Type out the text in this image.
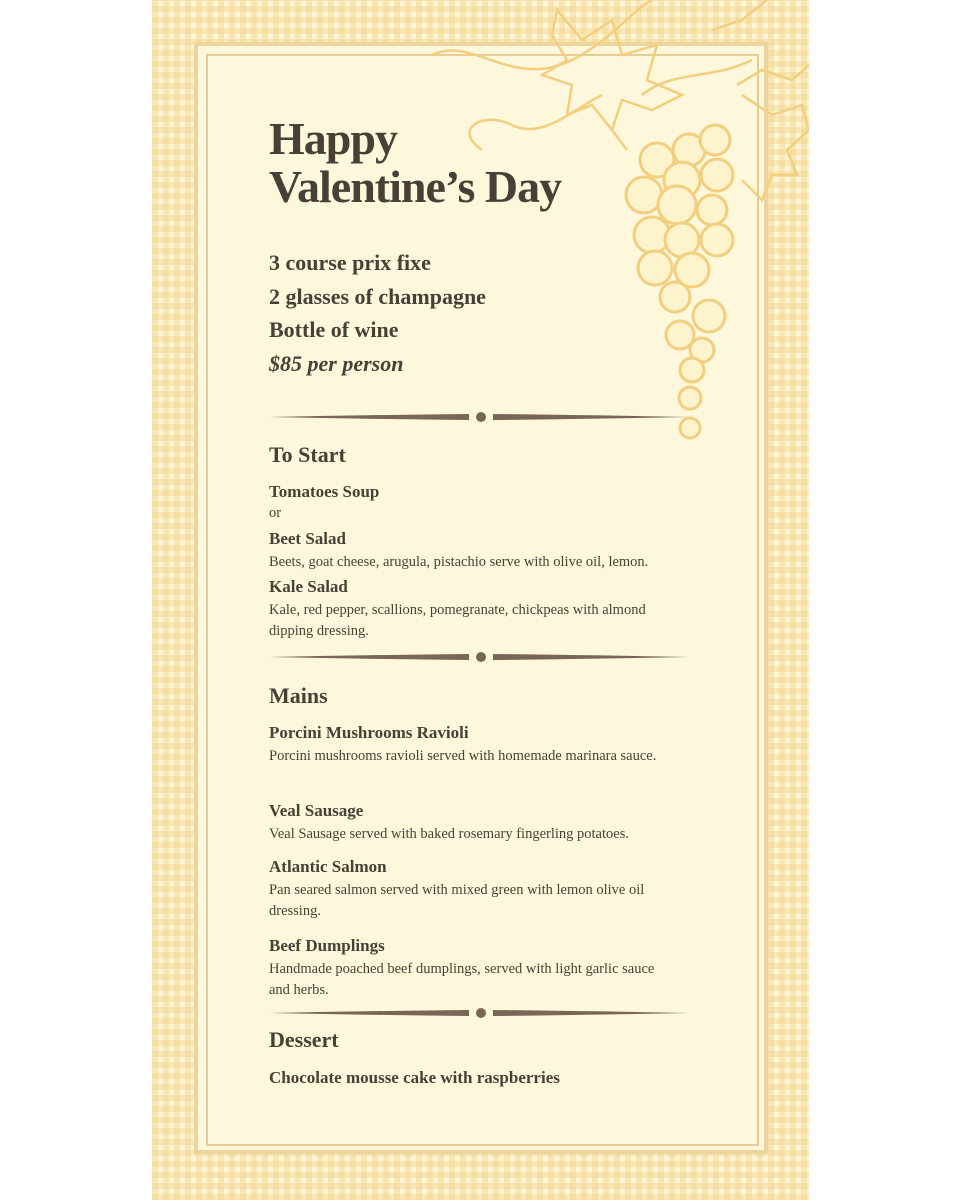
Happy
Valentine’s Day
3 course prix fixe
2 glasses of champagne
Bottle of wine
$85 per person
To Start
Tomatoes Soup
or
Beet Salad
Beets, goat cheese, arugula, pistachio serve with olive oil, lemon.
Kale Salad
Kale, red pepper, scallions, pomegranate, chickpeas with almond dipping dressing.
Mains
Porcini Mushrooms Ravioli
Porcini mushrooms ravioli served with homemade marinara sauce.
Veal Sausage
Veal Sausage served with baked rosemary fingerling potatoes.
Atlantic Salmon
Pan seared salmon served with mixed green with lemon olive oil dressing.
Beef Dumplings
Handmade poached beef dumplings, served with light garlic sauce and herbs.
Dessert
Chocolate mousse cake with raspberries
